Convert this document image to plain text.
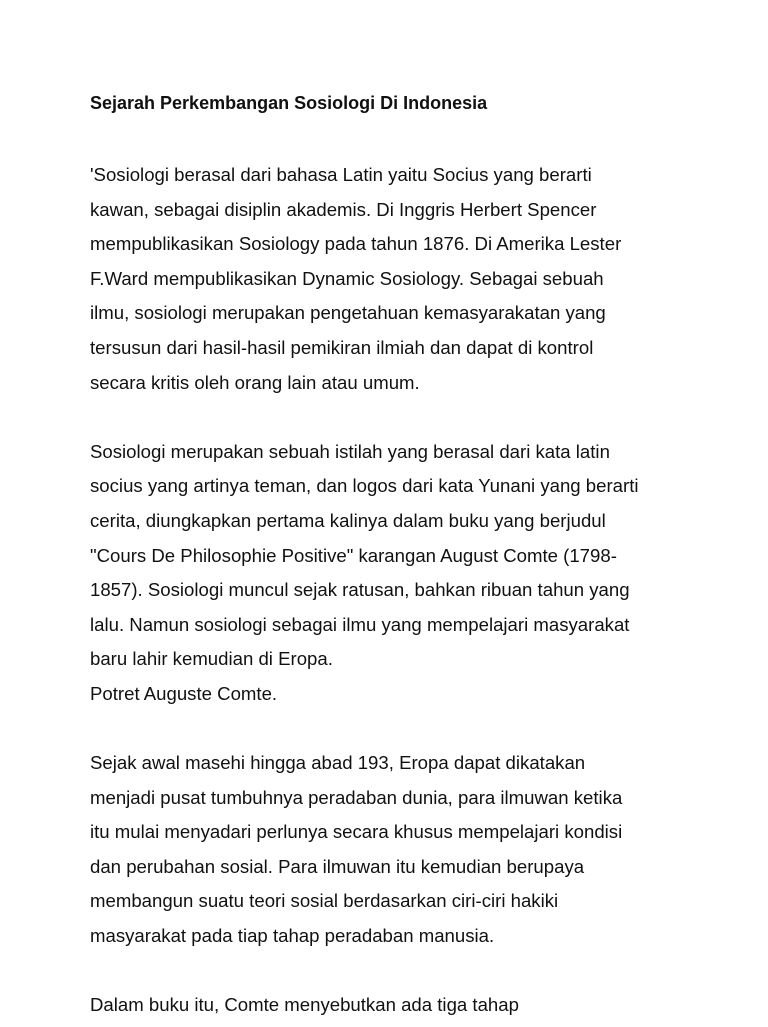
Sejarah Perkembangan Sosiologi Di Indonesia
'Sosiologi berasal dari bahasa Latin yaitu Socius yang berarti
kawan, sebagai disiplin akademis. Di Inggris Herbert Spencer
mempublikasikan Sosiology pada tahun 1876. Di Amerika Lester
F.Ward mempublikasikan Dynamic Sosiology. Sebagai sebuah
ilmu, sosiologi merupakan pengetahuan kemasyarakatan yang
tersusun dari hasil-hasil pemikiran ilmiah dan dapat di kontrol
secara kritis oleh orang lain atau umum.
Sosiologi merupakan sebuah istilah yang berasal dari kata latin
socius yang artinya teman, dan logos dari kata Yunani yang berarti
cerita, diungkapkan pertama kalinya dalam buku yang berjudul
"Cours De Philosophie Positive" karangan August Comte (1798-
1857). Sosiologi muncul sejak ratusan, bahkan ribuan tahun yang
lalu. Namun sosiologi sebagai ilmu yang mempelajari masyarakat
baru lahir kemudian di Eropa.
Potret Auguste Comte.
Sejak awal masehi hingga abad 193, Eropa dapat dikatakan
menjadi pusat tumbuhnya peradaban dunia, para ilmuwan ketika
itu mulai menyadari perlunya secara khusus mempelajari kondisi
dan perubahan sosial. Para ilmuwan itu kemudian berupaya
membangun suatu teori sosial berdasarkan ciri-ciri hakiki
masyarakat pada tiap tahap peradaban manusia.
Dalam buku itu, Comte menyebutkan ada tiga tahap
